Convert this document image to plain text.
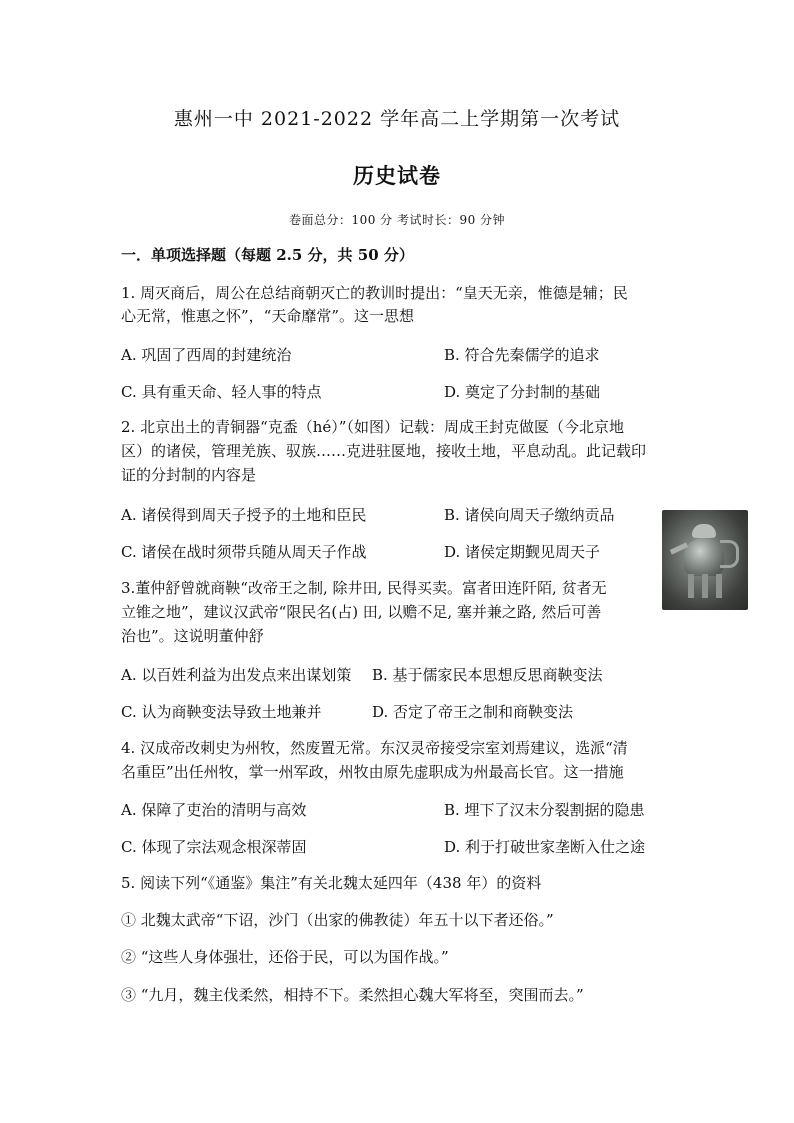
惠州一中 2021-2022 学年高二上学期第一次考试
历史试卷
卷面总分：100 分 考试时长：90 分钟
一．单项选择题（每题 2.5 分，共 50 分）
1. 周灭商后，周公在总结商朝灭亡的教训时提出：“皇天无亲，惟德是辅；民
心无常，惟惠之怀”，“天命靡常”。这一思想
A. 巩固了西周的封建统治	B. 符合先秦儒学的追求
C. 具有重天命、轻人事的特点	D. 奠定了分封制的基础
2. 北京出土的青铜器“克盉（hé）”（如图）记载：周成王封克做匽（今北京地
区）的诸侯，管理羌族、驭族……克进驻匽地，接收土地，平息动乱。此记载印
证的分封制的内容是
A. 诸侯得到周天子授予的土地和臣民	B. 诸侯向周天子缴纳贡品
C. 诸侯在战时须带兵随从周天子作战	D. 诸侯定期觐见周天子
3.董仲舒曾就商鞅“改帝王之制, 除井田, 民得买卖。富者田连阡陌, 贫者无
立锥之地”，建议汉武帝“限民名(占) 田, 以赡不足, 塞并兼之路, 然后可善
治也”。这说明董仲舒
A. 以百姓利益为出发点来出谋划策 B. 基于儒家民本思想反思商鞅变法
C. 认为商鞅变法导致土地兼并	D. 否定了帝王之制和商鞅变法
4. 汉成帝改刺史为州牧，然废置无常。东汉灵帝接受宗室刘焉建议，选派“清
名重臣”出任州牧，掌一州军政，州牧由原先虚职成为州最高长官。这一措施
A. 保障了吏治的清明与高效	B. 埋下了汉末分裂割据的隐患
C. 体现了宗法观念根深蒂固	D. 利于打破世家垄断入仕之途
5. 阅读下列“《通鉴》集注”有关北魏太延四年（438 年）的资料
① 北魏太武帝“下诏，沙门（出家的佛教徒）年五十以下者还俗。”
② “这些人身体强壮，还俗于民，可以为国作战。”
③ “九月，魏主伐柔然，相持不下。柔然担心魏大军将至，突围而去。”
